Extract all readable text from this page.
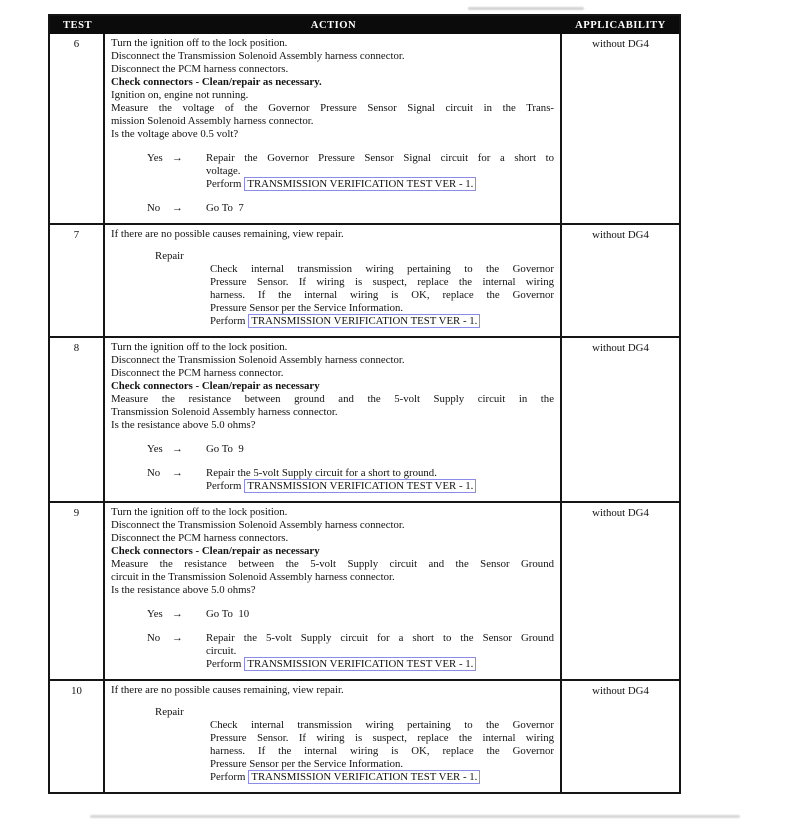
TEST	ACTION	APPLICABILITY
6	Turn the ignition off to the lock position.
Disconnect the Transmission Solenoid Assembly harness connector.
Disconnect the PCM harness connectors.
Check connectors - Clean/repair as necessary.
Ignition on, engine not running.
Measure the voltage of the Governor Pressure Sensor Signal circuit in the Trans-
mission Solenoid Assembly harness connector.
Is the voltage above 0.5 volt?
Yes →	Repair the Governor Pressure Sensor Signal circuit for a short to
voltage.
Perform TRANSMISSION VERIFICATION TEST VER - 1.
No	→	Go To  7
without DG4
7	If there are no possible causes remaining, view repair.
Repair
Check internal transmission wiring pertaining to the Governor
Pressure Sensor. If wiring is suspect, replace the internal wiring
harness. If the internal wiring is OK, replace the Governor
Pressure Sensor per the Service Information.
Perform TRANSMISSION VERIFICATION TEST VER - 1.
without DG4
8	Turn the ignition off to the lock position.
Disconnect the Transmission Solenoid Assembly harness connector.
Disconnect the PCM harness connector.
Check connectors - Clean/repair as necessary
Measure the resistance between ground and the 5-volt Supply circuit in the
Transmission Solenoid Assembly harness connector.
Is the resistance above 5.0 ohms?
Yes →	Go To  9
No	→	Repair the 5-volt Supply circuit for a short to ground.
Perform TRANSMISSION VERIFICATION TEST VER - 1.
without DG4
9	Turn the ignition off to the lock position.
Disconnect the Transmission Solenoid Assembly harness connector.
Disconnect the PCM harness connectors.
Check connectors - Clean/repair as necessary
Measure the resistance between the 5-volt Supply circuit and the Sensor Ground
circuit in the Transmission Solenoid Assembly harness connector.
Is the resistance above 5.0 ohms?
Yes →	Go To  10
No	→	Repair the 5-volt Supply circuit for a short to the Sensor Ground
circuit.
Perform TRANSMISSION VERIFICATION TEST VER - 1.
without DG4
10	If there are no possible causes remaining, view repair.
Repair
Check internal transmission wiring pertaining to the Governor
Pressure Sensor. If wiring is suspect, replace the internal wiring
harness. If the internal wiring is OK, replace the Governor
Pressure Sensor per the Service Information.
Perform TRANSMISSION VERIFICATION TEST VER - 1.
without DG4
